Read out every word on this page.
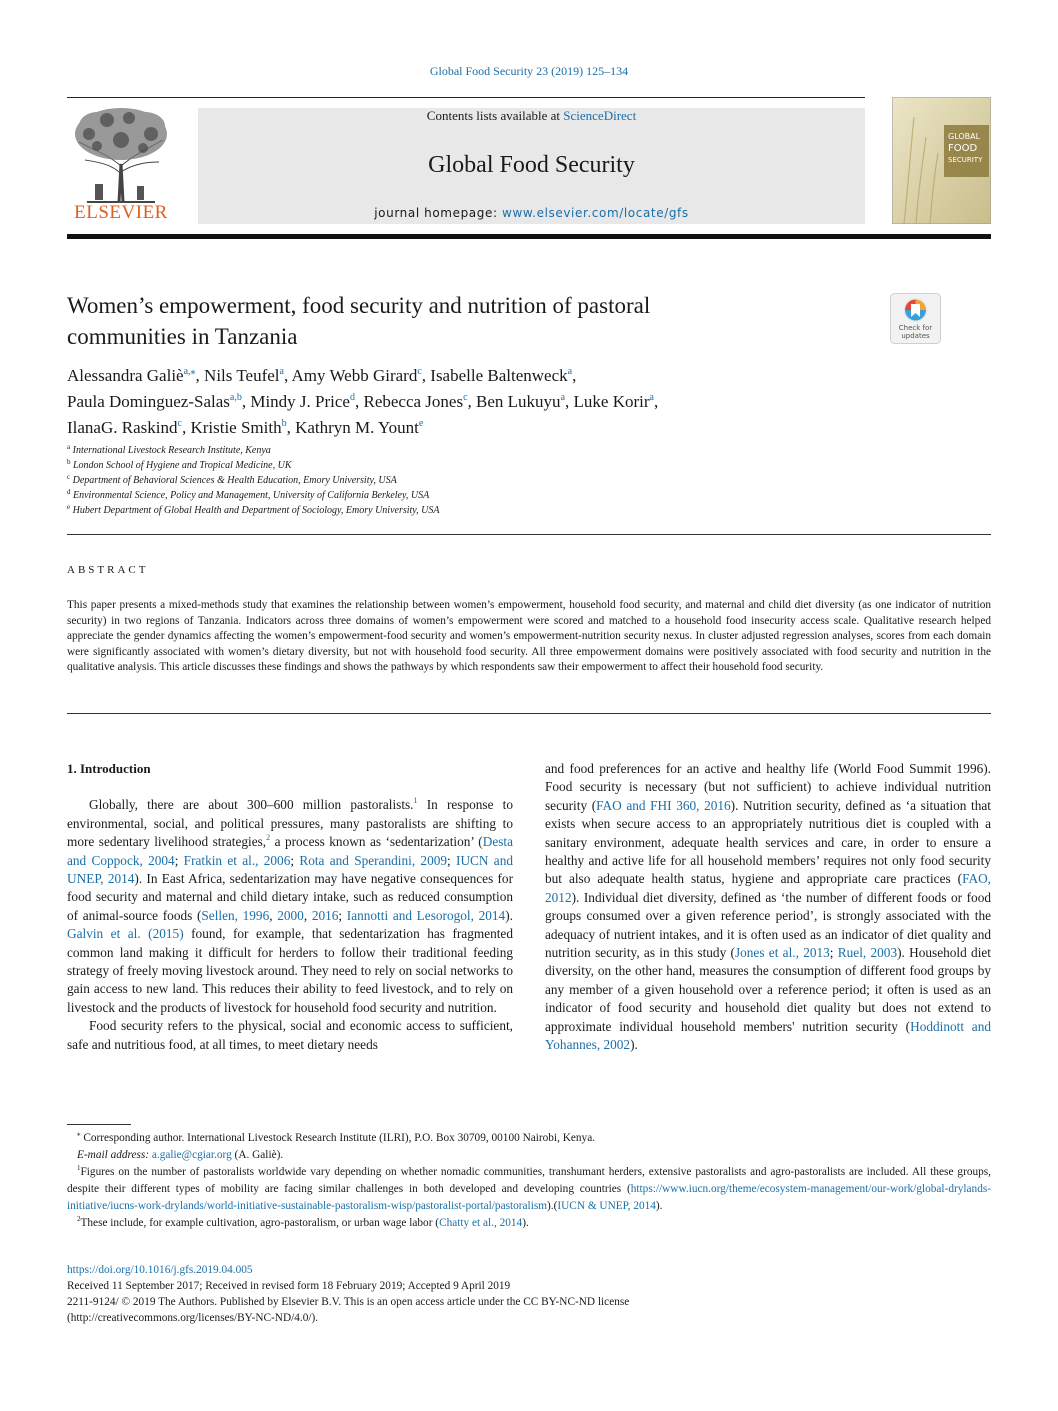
Global Food Security 23 (2019) 125–134
ELSEVIER
Contents lists available at ScienceDirect
Global Food Security
journal homepage: www.elsevier.com/locate/gfs
GLOBAL
FOOD
SECURITY
Women’s empowerment, food security and nutrition of pastoral
communities in Tanzania	Check for
updates
Alessandra Galiè$^{a,⁎}$, Nils Teufel$^a$, Amy Webb Girard$^c$, Isabelle Baltenweck$^a$,
Paula Dominguez-Salas$^{a,b}$, Mindy J. Price$^d$, Rebecca Jones$^c$, Ben Lukuyu$^a$, Luke Korir$^a$,
IlanaG. Raskind$^c$, Kristie Smith$^b$, Kathryn M. Yount$^e$
$^a$ International Livestock Research Institute, Kenya
$^b$ London School of Hygiene and Tropical Medicine, UK
$^c$ Department of Behavioral Sciences & Health Education, Emory University, USA
$^d$ Environmental Science, Policy and Management, University of California Berkeley, USA
$^e$ Hubert Department of Global Health and Department of Sociology, Emory University, USA
ABSTRACT
This paper presents a mixed-methods study that examines the relationship between women’s empowerment, household food security, and maternal and child diet diversity (as one indicator of nutrition security) in two regions of Tanzania. Indicators across three domains of women’s empowerment were scored and matched to a household food insecurity access scale. Qualitative research helped appreciate the gender dynamics affecting the women’s empowerment-food security and women’s empowerment-nutrition security nexus. In cluster adjusted regression analyses, scores from each domain were significantly associated with women’s dietary diversity, but not with household food security. All three empowerment domains were positively associated with food security and nutrition in the qualitative analysis. This article discusses these findings and shows the pathways by which respondents saw their empowerment to affect their household food security.

1. Introduction

Globally, there are about 300–600 million pastoralists.$^1$ In response to environmental, social, and political pressures, many pastoralists are shifting to more sedentary livelihood strategies,$^2$ a process known as ‘sedentarization’ (Desta and Coppock, 2004; Fratkin et al., 2006; Rota and Sperandini, 2009; IUCN and UNEP, 2014). In East Africa, sedentarization may have negative consequences for food security and maternal and child dietary intake, such as reduced consumption of animal-source foods (Sellen, 1996, 2000, 2016; Iannotti and Lesorogol, 2014). Galvin et al. (2015) found, for example, that sedentarization has fragmented common land making it difficult for herders to follow their traditional feeding strategy of freely moving livestock around. They need to rely on social networks to gain access to new land. This reduces their ability to feed livestock, and to rely on livestock and the products of livestock for household food security and nutrition.

Food security refers to the physical, social and economic access to sufficient, safe and nutritious food, at all times, to meet dietary needs

and food preferences for an active and healthy life (World Food Summit 1996). Food security is necessary (but not sufficient) to achieve individual nutrition security (FAO and FHI 360, 2016). Nutrition security, defined as ‘a situation that exists when secure access to an appropriately nutritious diet is coupled with a sanitary environment, adequate health services and care, in order to ensure a healthy and active life for all household members’ requires not only food security but also adequate health status, hygiene and appropriate care practices (FAO, 2012). Individual diet diversity, defined as ‘the number of different foods or food groups consumed over a given reference period’, is strongly associated with the adequacy of nutrient intakes, and it is often used as an indicator of diet quality and nutrition security, as in this study (Jones et al., 2013; Ruel, 2003). Household diet diversity, on the other hand, measures the consumption of different food groups by any member of a given household over a reference period; it often is used as an indicator of food security and household diet quality but does not extend to approximate individual household members' nutrition security (Hoddinott and Yohannes, 2002).

⁎ Corresponding author. International Livestock Research Institute (ILRI), P.O. Box 30709, 00100 Nairobi, Kenya.

E-mail address: a.galie@cgiar.org (A. Galiè).

$^1$Figures on the number of pastoralists worldwide vary depending on whether nomadic communities, transhumant herders, extensive pastoralists and agro-pastoralists are included. All these groups, despite their different types of mobility are facing similar challenges in both developed and developing countries (https://www.iucn.org/theme/ecosystem-management/our-work/global-drylands-initiative/iucns-work-drylands/world-initiative-sustainable-pastoralism-wisp/pastoralist-portal/pastoralism).(IUCN & UNEP, 2014).

$^2$These include, for example cultivation, agro-pastoralism, or urban wage labor (Chatty et al., 2014).

https://doi.org/10.1016/j.gfs.2019.04.005

Received 11 September 2017; Received in revised form 18 February 2019; Accepted 9 April 2019

2211-9124/ © 2019 The Authors. Published by Elsevier B.V. This is an open access article under the CC BY-NC-ND license

(http://creativecommons.org/licenses/BY-NC-ND/4.0/).
